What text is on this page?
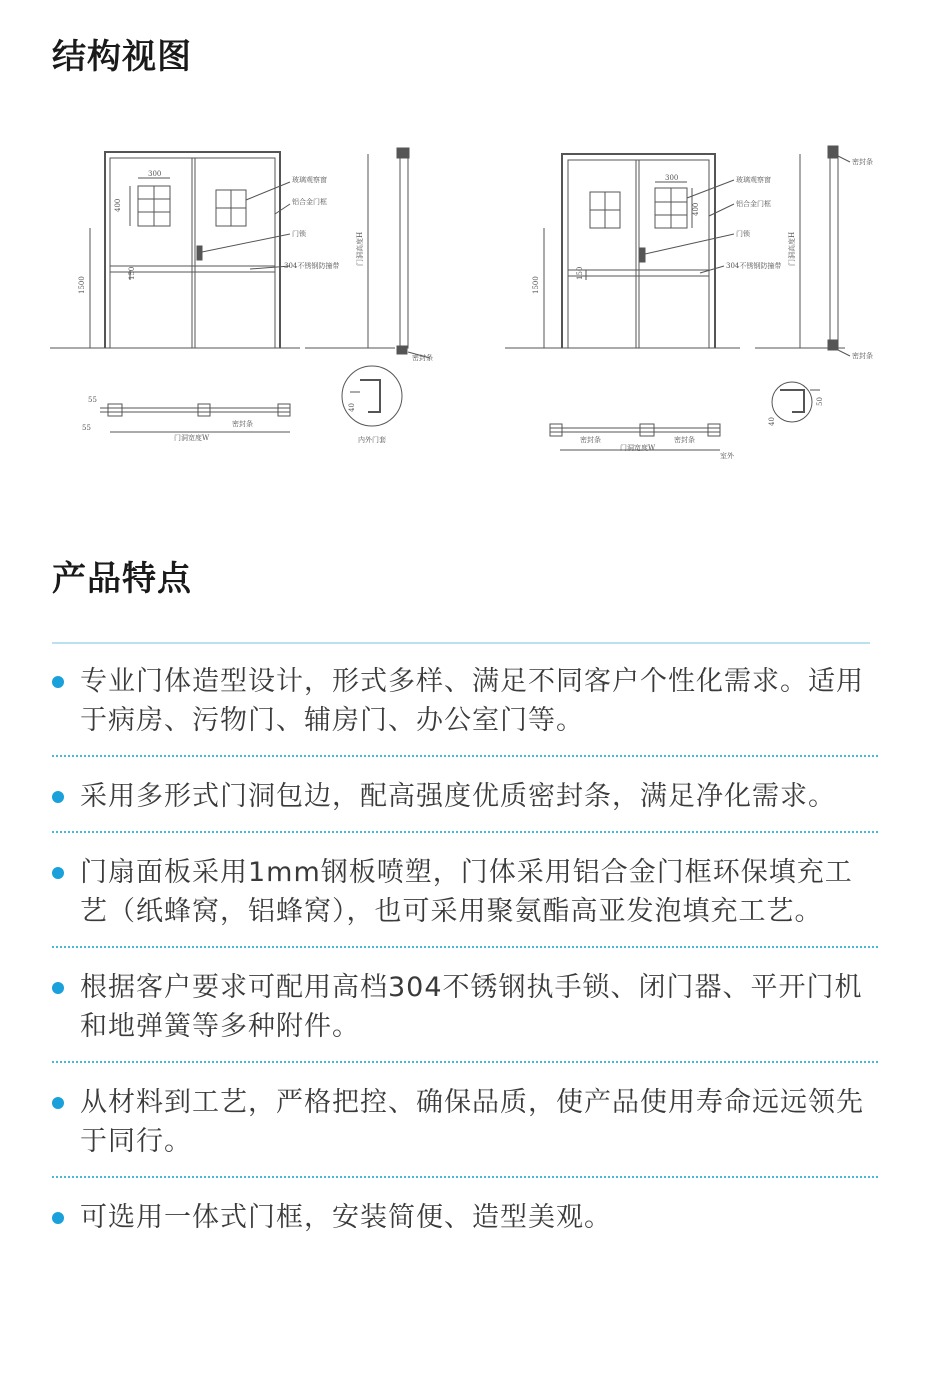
结构视图
300
400
150
1500
玻璃观察窗
铝合金门框
门锁
304不锈钢防撞带 门洞高度H
密封条
55
55	密封条
门洞宽度W
40
内外门套
300
400
150
1500
玻璃观察窗
铝合金门框
门锁
304不锈钢防撞带 门洞高度H
密封条
密封条
50
40
密封条	密封条
门洞宽度W
室外
产品特点
专业门体造型设计，形式多样、满足不同客户个性化需求。适用于病房、污物门、辅房门、办公室门等。
采用多形式门洞包边，配高强度优质密封条，满足净化需求。
门扇面板采用1mm钢板喷塑，门体采用铝合金门框环保填充工艺（纸蜂窝，铝蜂窝），也可采用聚氨酯高亚发泡填充工艺。
根据客户要求可配用高档304不锈钢执手锁、闭门器、平开门机和地弹簧等多种附件。
从材料到工艺，严格把控、确保品质，使产品使用寿命远远领先于同行。
可选用一体式门框，安装简便、造型美观。
